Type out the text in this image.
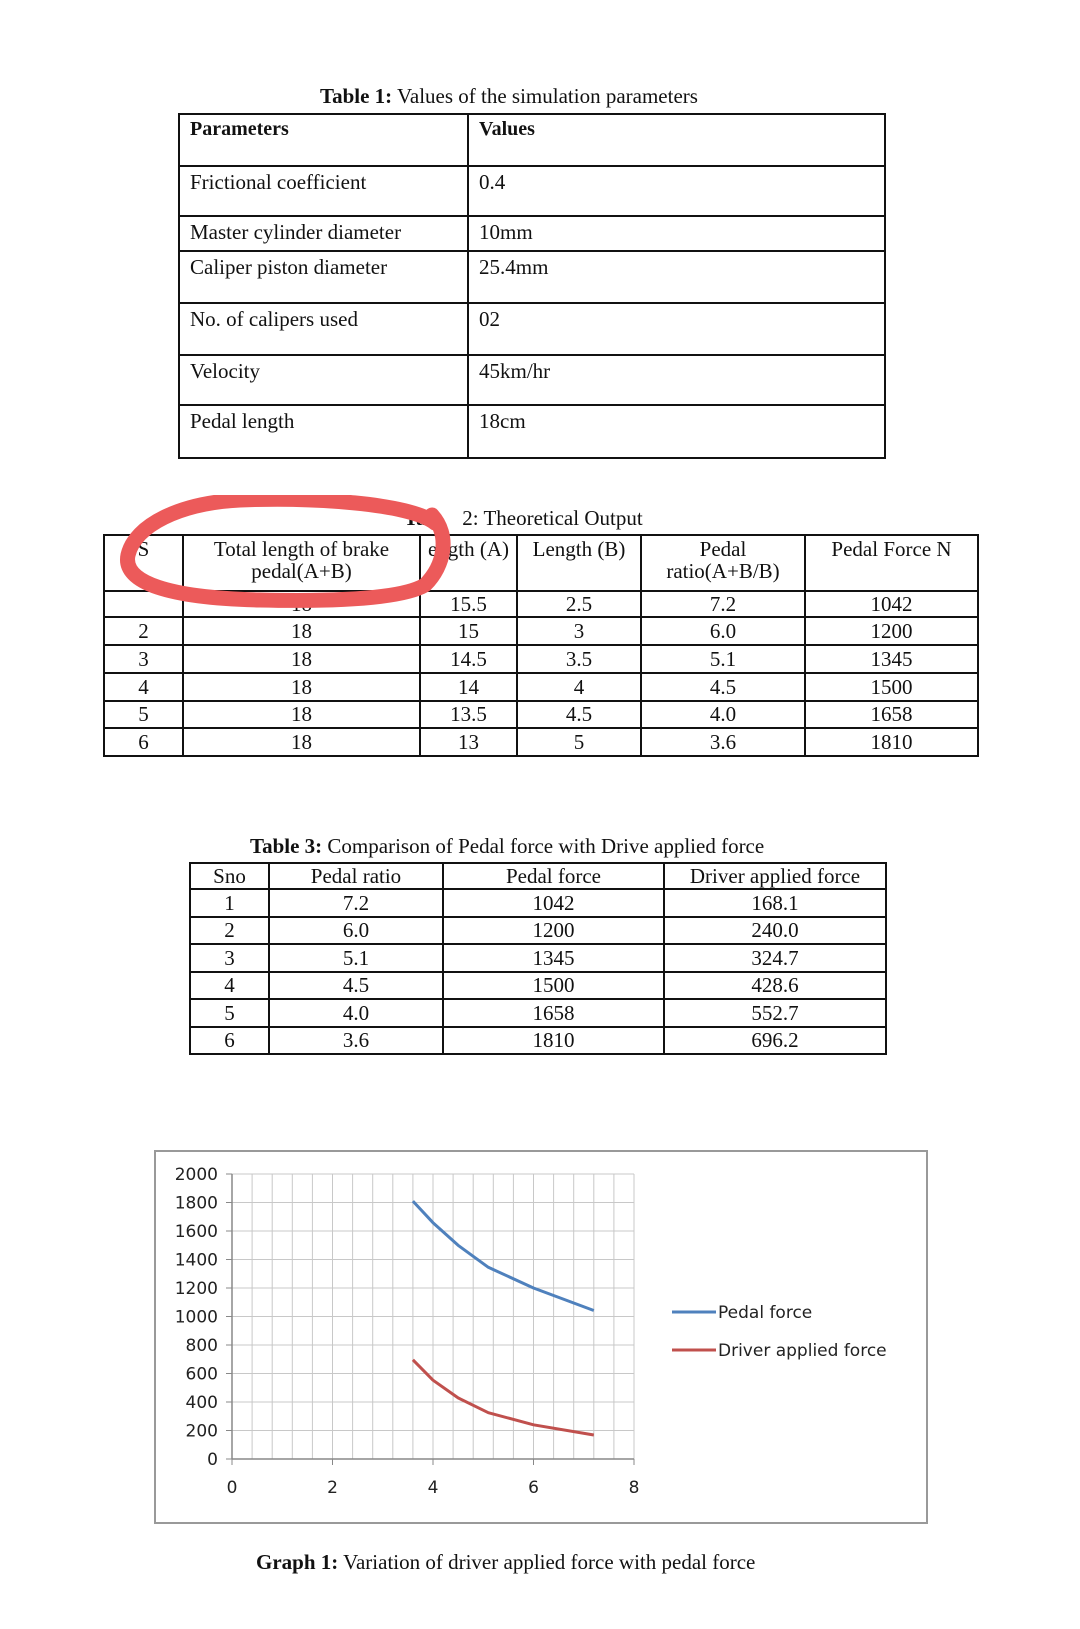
Table 1: Values of the simulation parameters
Parameters	Values
Frictional coefficient	0.4
Master cylinder diameter	10mm
Caliper piston diameter	25.4mm
No. of calipers used	02
Velocity	45km/hr
Pedal length	18cm
Tab 2: Theoretical Output
S	Total length of brake pedal(A+B)	ength (A)	Length (B)	Pedal ratio(A+B/B)	Pedal Force N
	18	15.5	2.5	7.2	1042
2	18	15	3	6.0	1200
3	18	14.5	3.5	5.1	1345
4	18	14	4	4.5	1500
5	18	13.5	4.5	4.0	1658
6	18	13	5	3.6	1810
Table 3: Comparison of Pedal force with Drive applied force
Sno	Pedal ratio	Pedal force	Driver applied force
1	7.2	1042	168.1
2	6.0	1200	240.0
3	5.1	1345	324.7
4	4.5	1500	428.6
5	4.0	1658	552.7
6	3.6	1810	696.2
0
200
400
600
800
1000
1200
1400
1600
1800
2000
0	2	4	6	8
Pedal force
Driver applied force
Graph 1: Variation of driver applied force with pedal force
